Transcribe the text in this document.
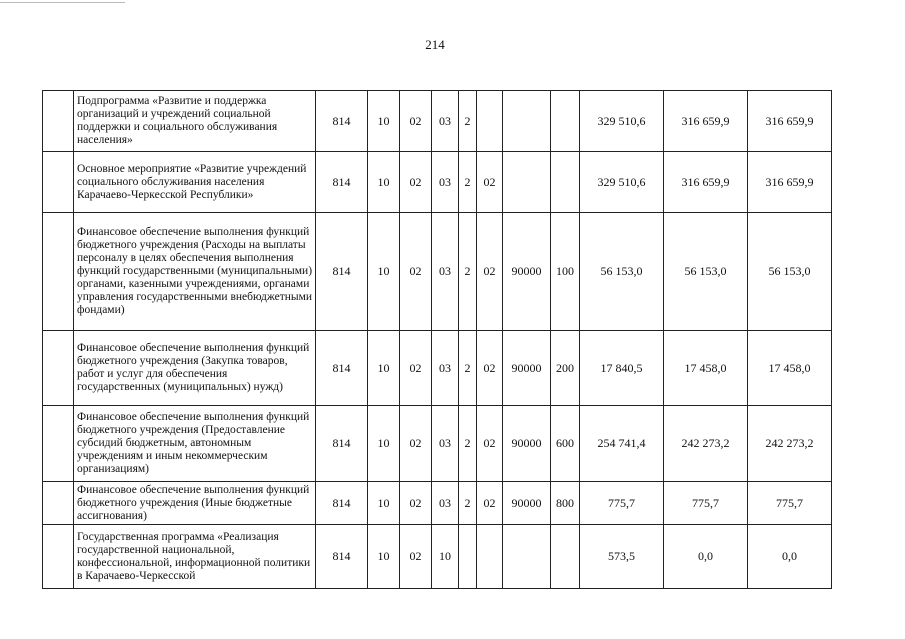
214
	Подпрограмма «Развитие и поддержка организаций и учреждений социальной поддержки и социального обслуживания населения»	814	10	02	03	2				329 510,6	316 659,9	316 659,9
	Основное мероприятие «Развитие учреждений социального обслуживания населения Карачаево-Черкесской Республики»	814	10	02	03	2	02			329 510,6	316 659,9	316 659,9
	Финансовое обеспечение выполнения функций бюджетного учреждения (Расходы на выплаты персоналу в целях обеспечения выполнения функций государственными (муниципальными) органами, казенными учреждениями, органами управления государственными внебюджетными фондами)	814	10	02	03	2	02	90000	100	56 153,0	56 153,0	56 153,0
	Финансовое обеспечение выполнения функций бюджетного учреждения (Закупка товаров, работ и услуг для обеспечения государственных (муниципальных) нужд)	814	10	02	03	2	02	90000	200	17 840,5	17 458,0	17 458,0
	Финансовое обеспечение выполнения функций бюджетного учреждения (Предоставление субсидий бюджетным, автономным учреждениям и иным некоммерческим организациям)	814	10	02	03	2	02	90000	600	254 741,4	242 273,2	242 273,2
	Финансовое обеспечение выполнения функций бюджетного учреждения (Иные бюджетные ассигнования)	814	10	02	03	2	02	90000	800	775,7	775,7	775,7
	Государственная программа «Реализация государственной национальной, конфессиональной, информационной политики в Карачаево-Черкесской	814	10	02	10					573,5	0,0	0,0
